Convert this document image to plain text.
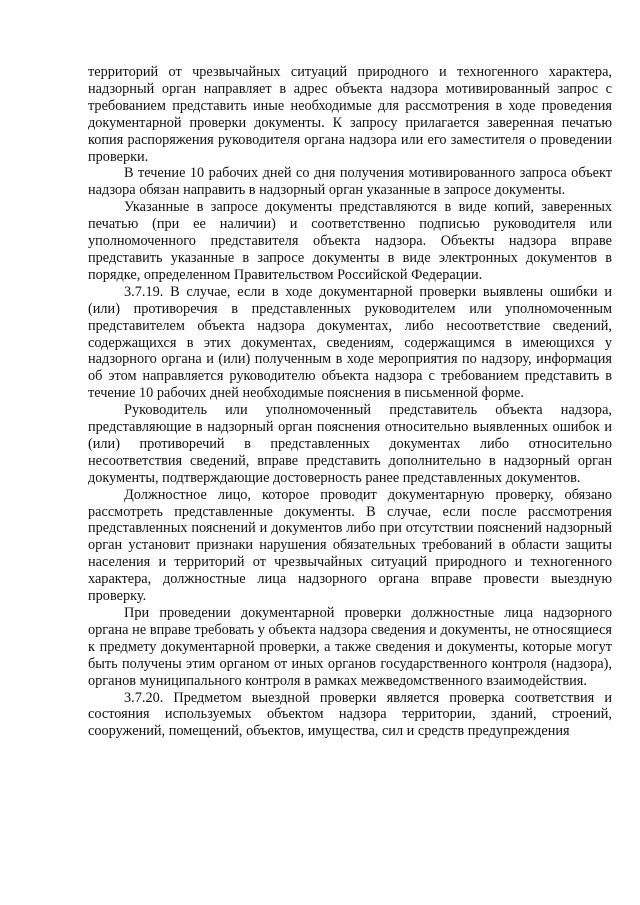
территорий от чрезвычайных ситуаций природного и техногенного характера, надзорный орган направляет в адрес объекта надзора мотивированный запрос с требованием представить иные необходимые для рассмотрения в ходе проведения документарной проверки документы. К запросу прилагается заверенная печатью копия распоряжения руководителя органа надзора или его заместителя о проведении проверки.

В течение 10 рабочих дней со дня получения мотивированного запроса объект надзора обязан направить в надзорный орган указанные в запросе документы.

Указанные в запросе документы представляются в виде копий, заверенных печатью (при ее наличии) и соответственно подписью руководителя или уполномоченного представителя объекта надзора. Объекты надзора вправе представить указанные в запросе документы в виде электронных документов в порядке, определенном Правительством Российской Федерации.

3.7.19. В случае, если в ходе документарной проверки выявлены ошибки и (или) противоречия в представленных руководителем или уполномоченным представителем объекта надзора документах, либо несоответствие сведений, содержащихся в этих документах, сведениям, содержащимся в имеющихся у надзорного органа и (или) полученным в ходе мероприятия по надзору, информация об этом направляется руководителю объекта надзора с требованием представить в течение 10 рабочих дней необходимые пояснения в письменной форме.

Руководитель или уполномоченный представитель объекта надзора, представляющие в надзорный орган пояснения относительно выявленных ошибок и (или) противоречий в представленных документах либо относительно несоответствия сведений, вправе представить дополнительно в надзорный орган документы, подтверждающие достоверность ранее представленных документов.

Должностное лицо, которое проводит документарную проверку, обязано рассмотреть представленные документы. В случае, если после рассмотрения представленных пояснений и документов либо при отсутствии пояснений надзорный орган установит признаки нарушения обязательных требований в области защиты населения и территорий от чрезвычайных ситуаций природного и техногенного характера, должностные лица надзорного органа вправе провести выездную проверку.

При проведении документарной проверки должностные лица надзорного органа не вправе требовать у объекта надзора сведения и документы, не относящиеся к предмету документарной проверки, а также сведения и документы, которые могут быть получены этим органом от иных органов государственного контроля (надзора), органов муниципального контроля в рамках межведомственного взаимодействия.

3.7.20. Предметом выездной проверки является проверка соответствия и состояния используемых объектом надзора территории, зданий, строений, сооружений, помещений, объектов, имущества, сил и средств предупреждения
